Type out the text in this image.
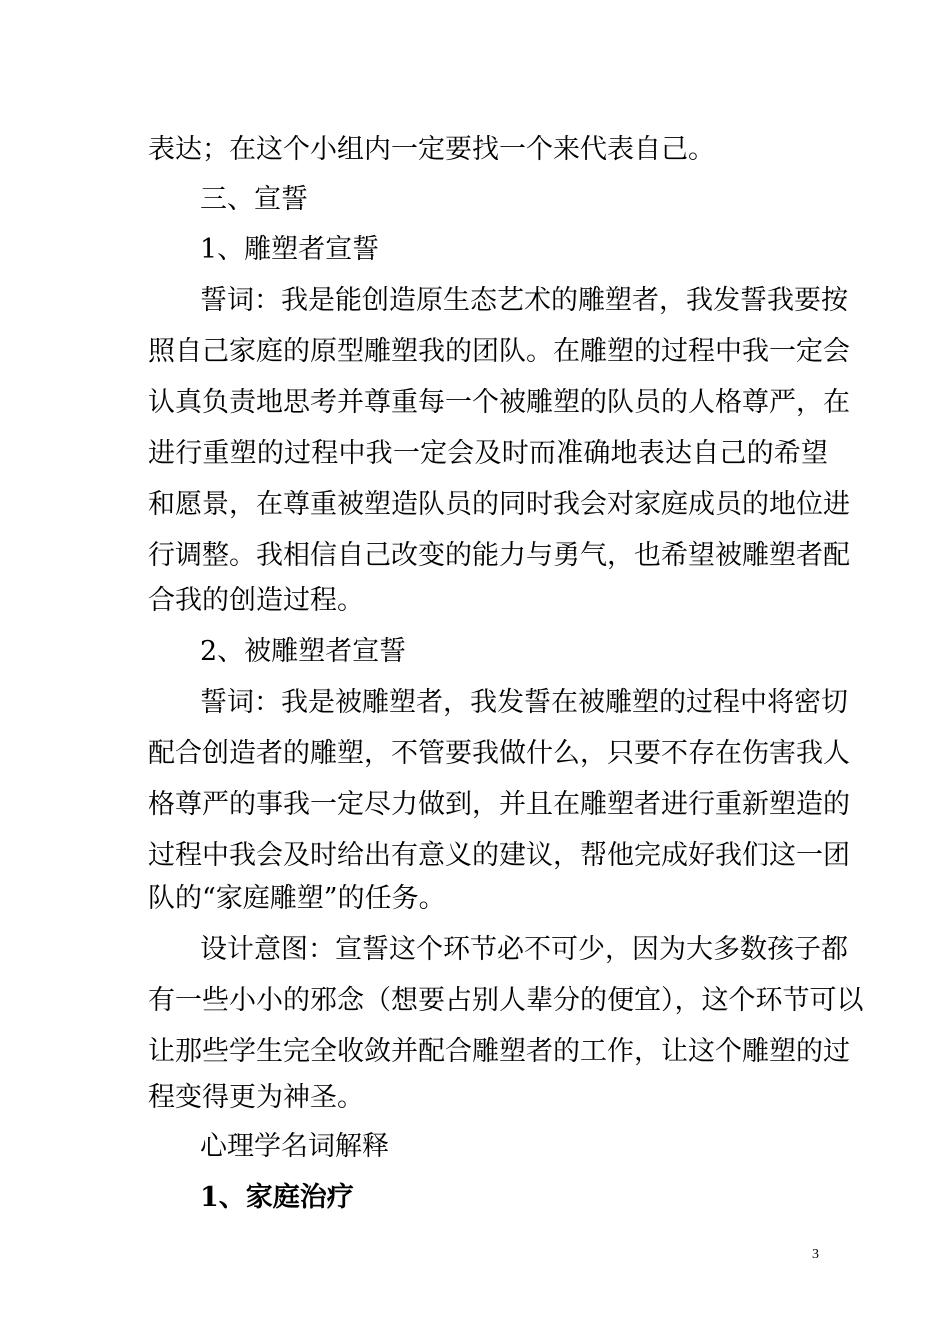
表达；在这个小组内一定要找一个来代表自己。
三、宣誓
1、雕塑者宣誓
誓词：我是能创造原生态艺术的雕塑者，我发誓我要按
照自己家庭的原型雕塑我的团队。在雕塑的过程中我一定会
认真负责地思考并尊重每一个被雕塑的队员的人格尊严，在
进行重塑的过程中我一定会及时而准确地表达自己的希望
和愿景，在尊重被塑造队员的同时我会对家庭成员的地位进
行调整。我相信自己改变的能力与勇气，也希望被雕塑者配
合我的创造过程。
2、被雕塑者宣誓
誓词：我是被雕塑者，我发誓在被雕塑的过程中将密切
配合创造者的雕塑，不管要我做什么，只要不存在伤害我人
格尊严的事我一定尽力做到，并且在雕塑者进行重新塑造的
过程中我会及时给出有意义的建议，帮他完成好我们这一团
队的“家庭雕塑”的任务。
设计意图：宣誓这个环节必不可少，因为大多数孩子都
有一些小小的邪念（想要占别人辈分的便宜），这个环节可以
让那些学生完全收敛并配合雕塑者的工作，让这个雕塑的过
程变得更为神圣。
心理学名词解释
1、家庭治疗
3
